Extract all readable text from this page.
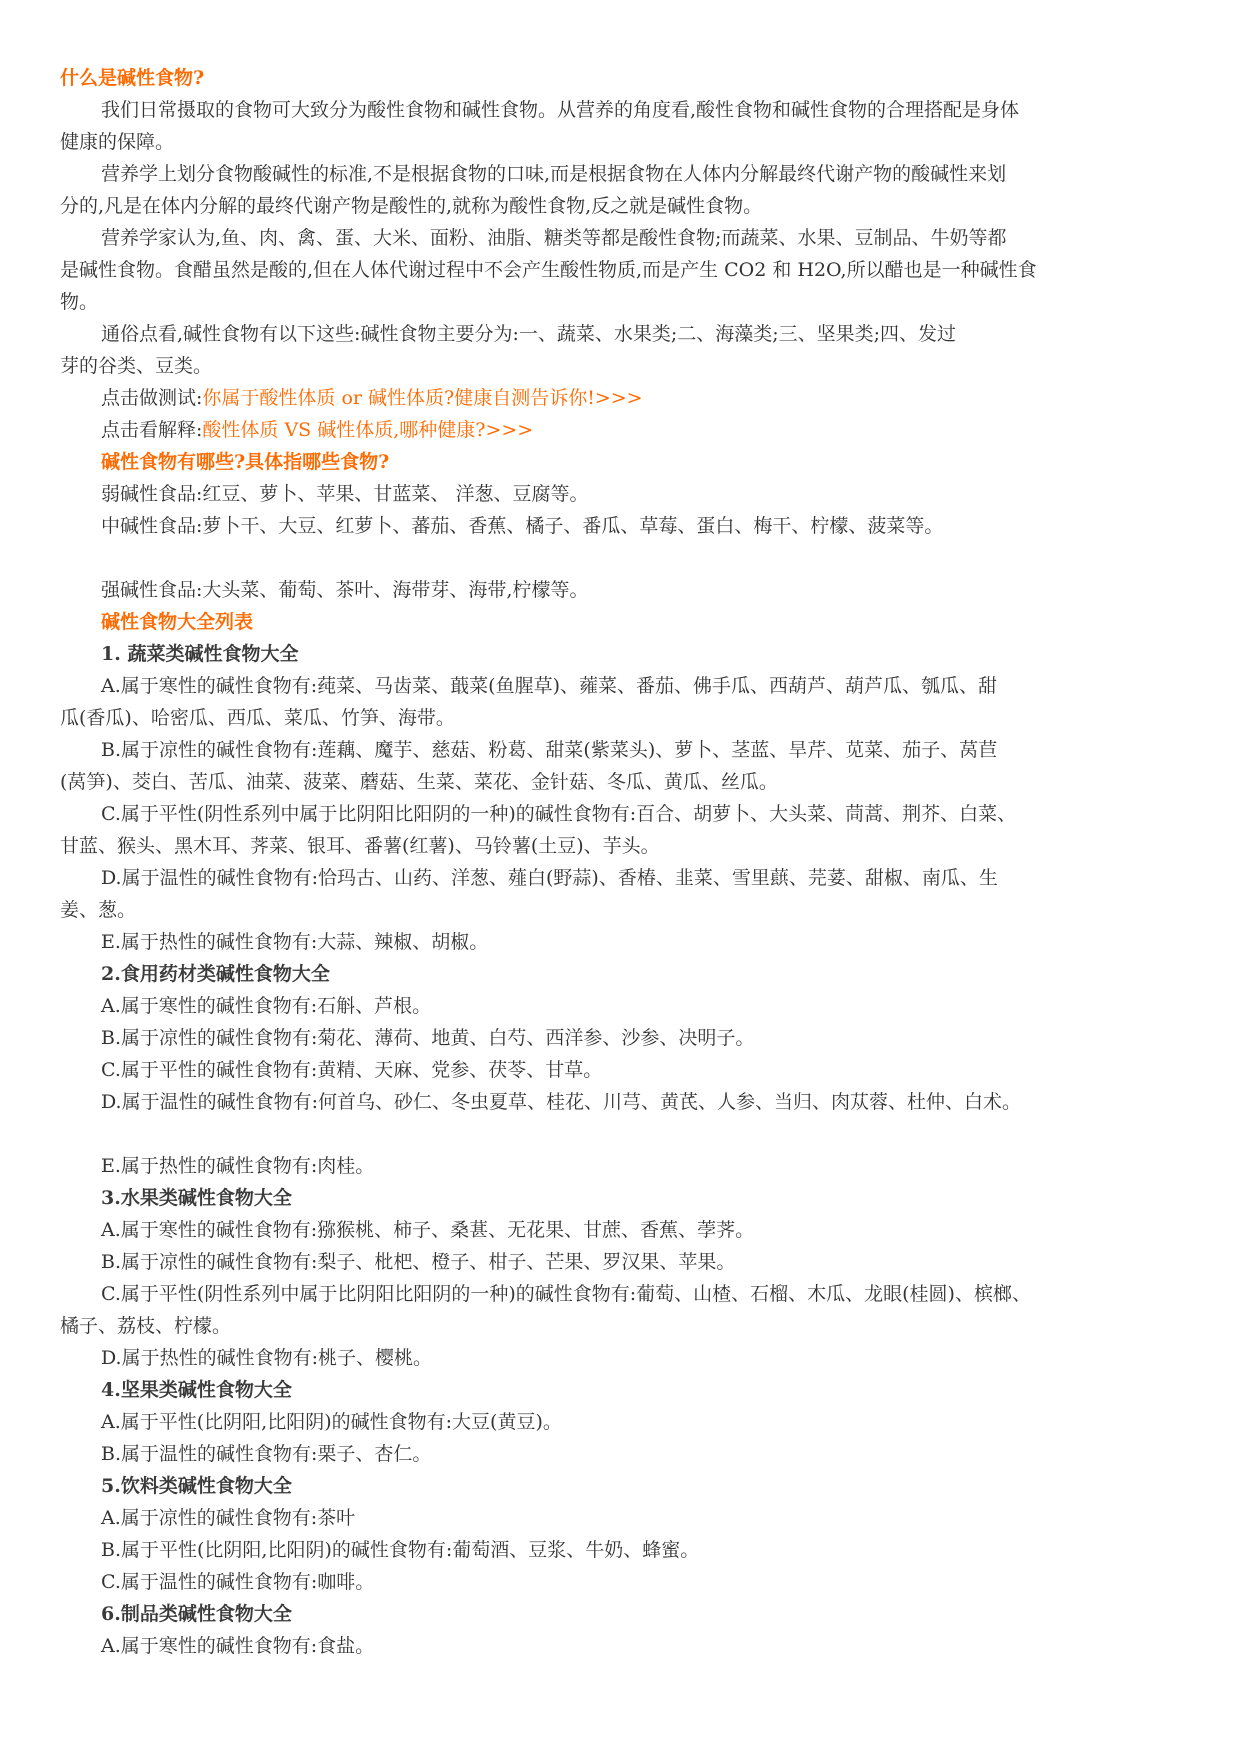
什么是碱性食物?
我们日常摄取的食物可大致分为酸性食物和碱性食物。从营养的角度看,酸性食物和碱性食物的合理搭配是身体
健康的保障。
营养学上划分食物酸碱性的标准,不是根据食物的口味,而是根据食物在人体内分解最终代谢产物的酸碱性来划
分的,凡是在体内分解的最终代谢产物是酸性的,就称为酸性食物,反之就是碱性食物。
营养学家认为,鱼、肉、禽、蛋、大米、面粉、油脂、糖类等都是酸性食物;而蔬菜、水果、豆制品、牛奶等都
是碱性食物。食醋虽然是酸的,但在人体代谢过程中不会产生酸性物质,而是产生 CO2 和 H2O,所以醋也是一种碱性食
物。
通俗点看,碱性食物有以下这些:碱性食物主要分为:一、蔬菜、水果类;二、海藻类;三、坚果类;四、发过
芽的谷类、豆类。
点击做测试:你属于酸性体质 or 碱性体质?健康自测告诉你!>>>
点击看解释:酸性体质 VS 碱性体质,哪种健康?>>>
碱性食物有哪些?具体指哪些食物?
弱碱性食品:红豆、萝卜、苹果、甘蓝菜、 洋葱、豆腐等。
中碱性食品:萝卜干、大豆、红萝卜、蕃茄、香蕉、橘子、番瓜、草莓、蛋白、梅干、柠檬、菠菜等。
强碱性食品:大头菜、葡萄、茶叶、海带芽、海带,柠檬等。
碱性食物大全列表
1. 蔬菜类碱性食物大全
A.属于寒性的碱性食物有:莼菜、马齿菜、蕺菜(鱼腥草)、蕹菜、番茄、佛手瓜、西葫芦、葫芦瓜、瓠瓜、甜
瓜(香瓜)、哈密瓜、西瓜、菜瓜、竹笋、海带。
B.属于凉性的碱性食物有:莲藕、魔芋、慈菇、粉葛、甜菜(紫菜头)、萝卜、茎蓝、旱芹、苋菜、茄子、莴苣
(莴笋)、茭白、苦瓜、油菜、菠菜、蘑菇、生菜、菜花、金针菇、冬瓜、黄瓜、丝瓜。
C.属于平性(阴性系列中属于比阴阳比阳阴的一种)的碱性食物有:百合、胡萝卜、大头菜、茼蒿、荆芥、白菜、
甘蓝、猴头、黑木耳、荠菜、银耳、番薯(红薯)、马铃薯(土豆)、芋头。
D.属于温性的碱性食物有:恰玛古、山药、洋葱、薤白(野蒜)、香椿、韭菜、雪里蕻、芫荽、甜椒、南瓜、生
姜、葱。
E.属于热性的碱性食物有:大蒜、辣椒、胡椒。
2.食用药材类碱性食物大全
A.属于寒性的碱性食物有:石斛、芦根。
B.属于凉性的碱性食物有:菊花、薄荷、地黄、白芍、西洋参、沙参、决明子。
C.属于平性的碱性食物有:黄精、天麻、党参、茯苓、甘草。
D.属于温性的碱性食物有:何首乌、砂仁、冬虫夏草、桂花、川芎、黄芪、人参、当归、肉苁蓉、杜仲、白术。
E.属于热性的碱性食物有:肉桂。
3.水果类碱性食物大全
A.属于寒性的碱性食物有:猕猴桃、柿子、桑葚、无花果、甘蔗、香蕉、荸荠。
B.属于凉性的碱性食物有:梨子、枇杷、橙子、柑子、芒果、罗汉果、苹果。
C.属于平性(阴性系列中属于比阴阳比阳阴的一种)的碱性食物有:葡萄、山楂、石榴、木瓜、龙眼(桂圆)、槟榔、
橘子、荔枝、柠檬。
D.属于热性的碱性食物有:桃子、樱桃。
4.坚果类碱性食物大全
A.属于平性(比阴阳,比阳阴)的碱性食物有:大豆(黄豆)。
B.属于温性的碱性食物有:栗子、杏仁。
5.饮料类碱性食物大全
A.属于凉性的碱性食物有:茶叶
B.属于平性(比阴阳,比阳阴)的碱性食物有:葡萄酒、豆浆、牛奶、蜂蜜。
C.属于温性的碱性食物有:咖啡。
6.制品类碱性食物大全
A.属于寒性的碱性食物有:食盐。
